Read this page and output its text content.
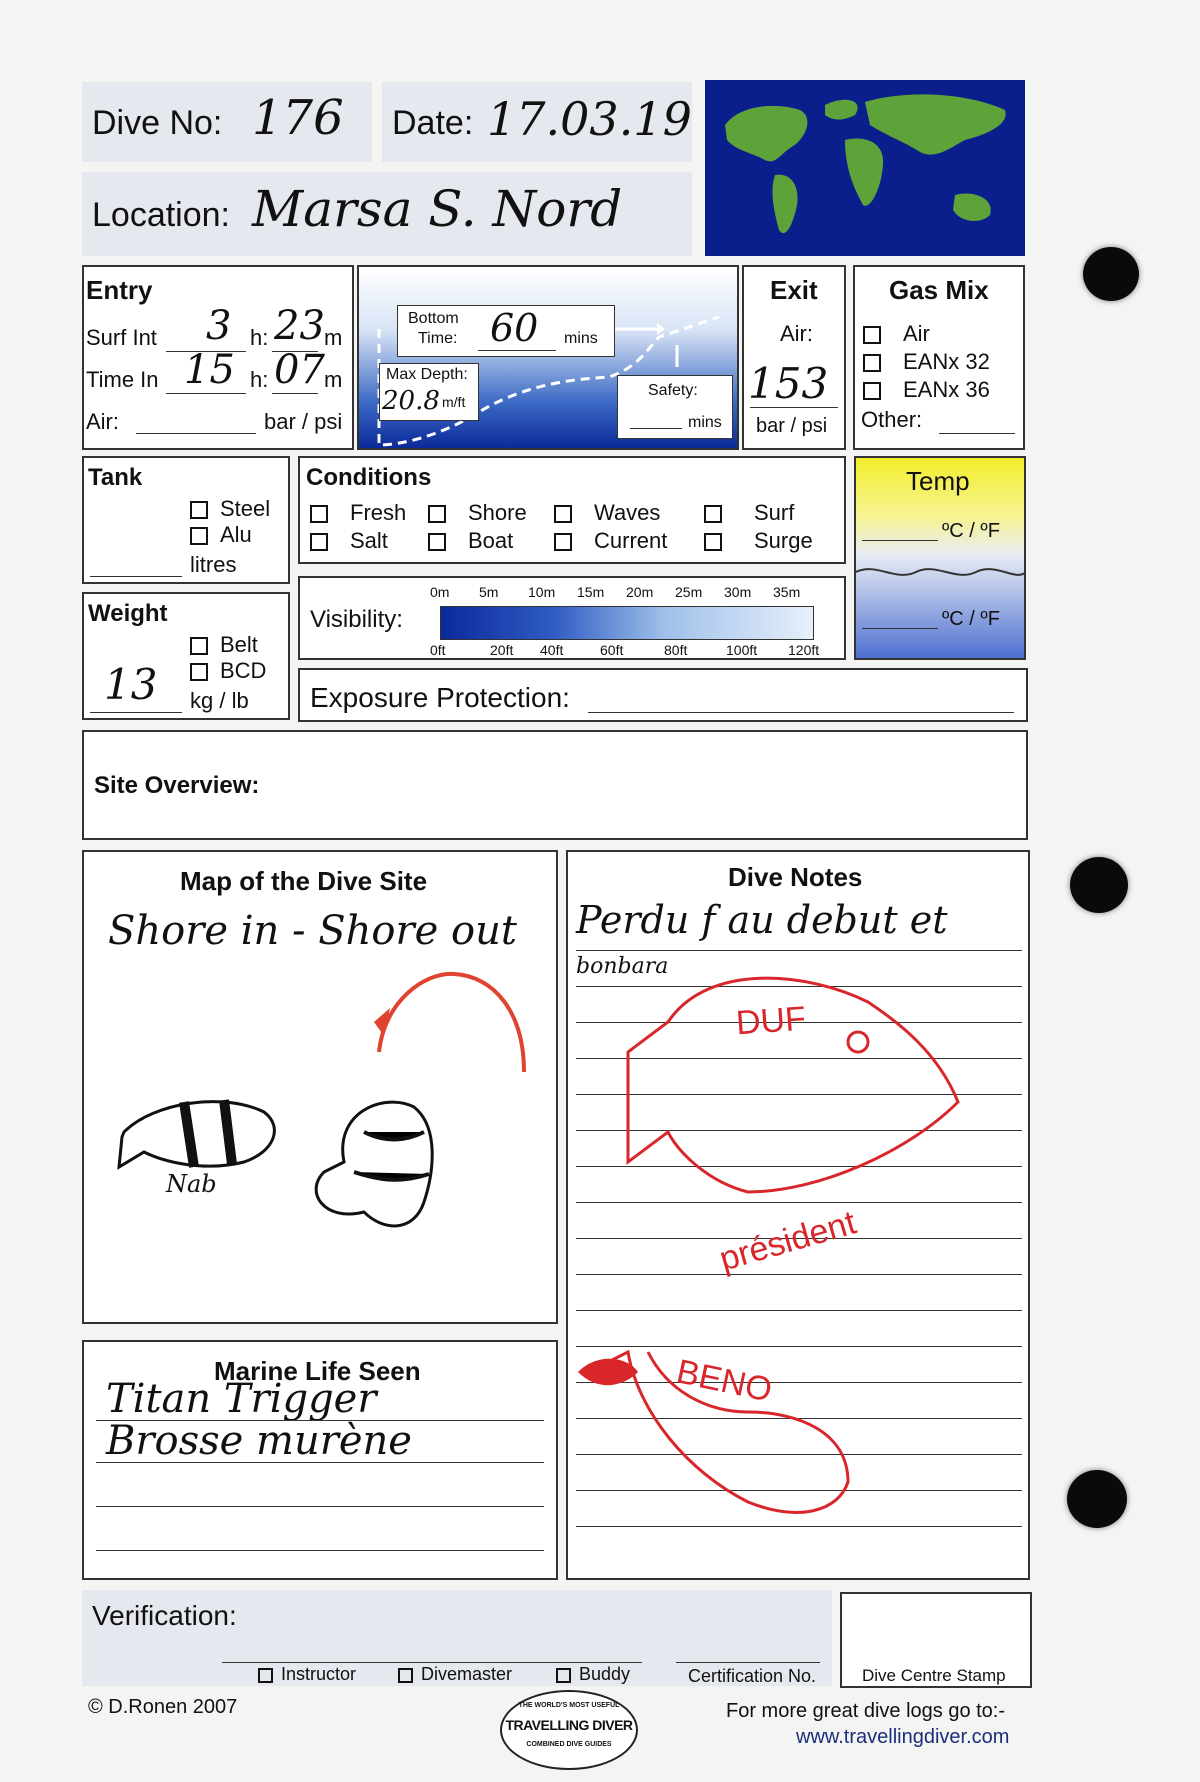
Dive No: 176 Date: 17.03.19
Location: Marsa S. Nord
Entry
Surf Int 3 h: 23 m
Time In 15 h: 07 m
Air:	bar / psi
Bottom
Time: 60 mins
Max Depth:
20.8 m/ft
Safety:
mins
Exit
Air:
153
bar / psi
Gas Mix
Air
EANx 32
EANx 36
Other:
Tank
Steel
Alu
litres
Conditions
Fresh	Shore	Waves	Surf
Salt	Boat	Current	Surge
Temp
ºC / ºF
ºC / ºF
Weight
Belt
BCD
13 kg / lb
Visibility:
0m 5m 10m 15m 20m 25m 30m 35m
0ft	20ft 40ft	60ft	80ft	100ft 120ft
Exposure Protection:
Site Overview:
Map of the Dive Site
Shore in - Shore out
Nab
Marine Life Seen
Titan Trigger
Brosse murène
Dive Notes
Perdu f au debut et
bonbara
DUF
président
BENO
Verification:
Instructor	Divemaster	Buddy	Certification No.	Dive Centre Stamp
© D.Ronen 2007	THE WORLD'S MOST USEFUL
TRAVELLING DIVER
COMBINED DIVE GUIDES
For more great dive logs go to:-
www.travellingdiver.com
